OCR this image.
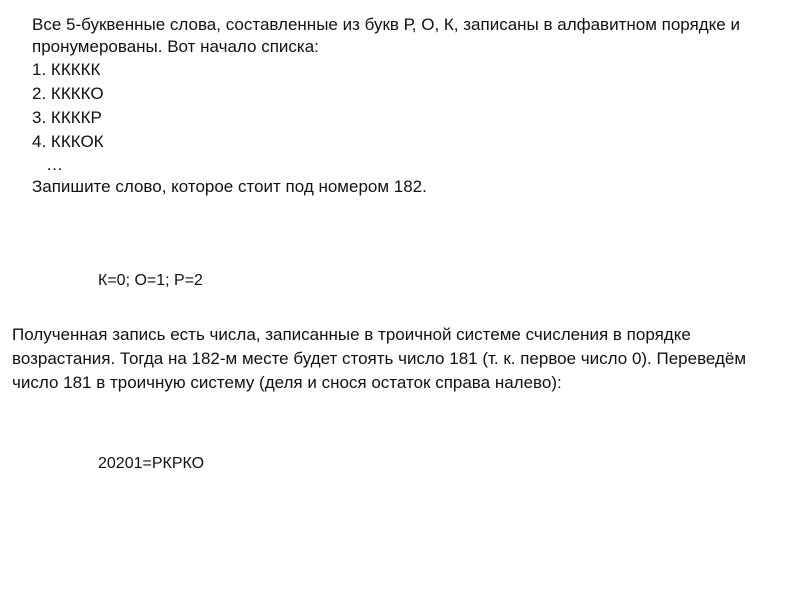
Все 5-буквенные слова, составленные из букв Р, О, К, записаны в алфавитном порядке и пронумерованы. Вот начало списка:

1. ККККК
2. ККККО
3. ККККР
4. КККОК

…

Запишите слово, которое стоит под номером 182.

К=0; О=1; Р=2
Полученная запись есть числа, записанные в троичной системе счисления в порядке возрастания. Тогда на 182-м месте будет стоять число 181 (т. к. первое число 0). Переведём число 181 в троичную систему (деля и снося остаток справа налево):
20201=РКРКО
